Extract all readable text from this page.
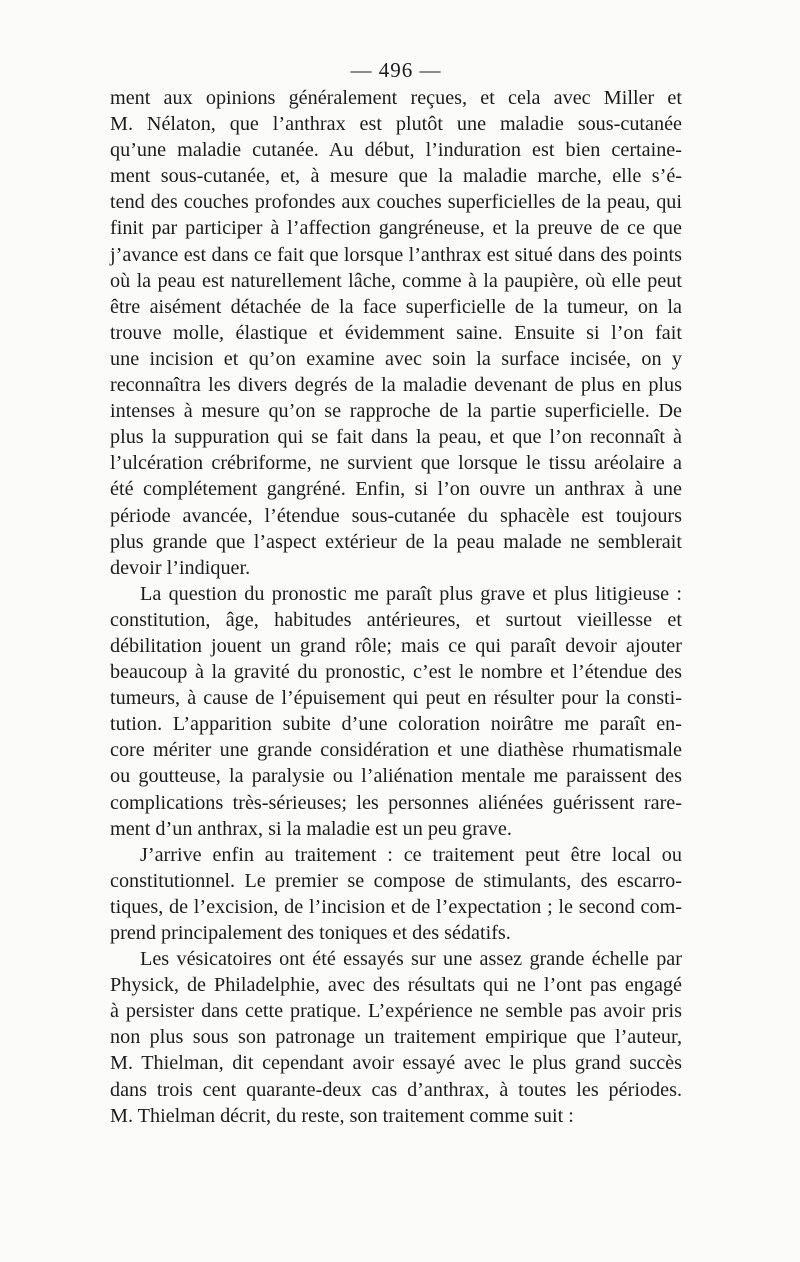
— 496 —
ment aux opinions généralement reçues, et cela avec Miller et
M. Nélaton, que l’anthrax est plutôt une maladie sous-cutanée
qu’une maladie cutanée. Au début, l’induration est bien certaine-
ment sous-cutanée, et, à mesure que la maladie marche, elle s’é-
tend des couches profondes aux couches superficielles de la peau, qui
finit par participer à l’affection gangréneuse, et la preuve de ce que
j’avance est dans ce fait que lorsque l’anthrax est situé dans des points
où la peau est naturellement lâche, comme à la paupière, où elle peut
être aisément détachée de la face superficielle de la tumeur, on la
trouve molle, élastique et évidemment saine. Ensuite si l’on fait
une incision et qu’on examine avec soin la surface incisée, on y
reconnaîtra les divers degrés de la maladie devenant de plus en plus
intenses à mesure qu’on se rapproche de la partie superficielle. De
plus la suppuration qui se fait dans la peau, et que l’on reconnaît à
l’ulcération crébriforme, ne survient que lorsque le tissu aréolaire a
été complétement gangréné. Enfin, si l’on ouvre un anthrax à une
période avancée, l’étendue sous-cutanée du sphacèle est toujours
plus grande que l’aspect extérieur de la peau malade ne semblerait
devoir l’indiquer.
La question du pronostic me paraît plus grave et plus litigieuse :
constitution, âge, habitudes antérieures, et surtout vieillesse et
débilitation jouent un grand rôle; mais ce qui paraît devoir ajouter
beaucoup à la gravité du pronostic, c’est le nombre et l’étendue des
tumeurs, à cause de l’épuisement qui peut en résulter pour la consti-
tution. L’apparition subite d’une coloration noirâtre me paraît en-
core mériter une grande considération et une diathèse rhumatismale
ou goutteuse, la paralysie ou l’aliénation mentale me paraissent des
complications très-sérieuses; les personnes aliénées guérissent rare-
ment d’un anthrax, si la maladie est un peu grave.
J’arrive enfin au traitement : ce traitement peut être local ou
constitutionnel. Le premier se compose de stimulants, des escarro-
tiques, de l’excision, de l’incision et de l’expectation ; le second com-
prend principalement des toniques et des sédatifs.
Les vésicatoires ont été essayés sur une assez grande échelle par
Physick, de Philadelphie, avec des résultats qui ne l’ont pas engagé
à persister dans cette pratique. L’expérience ne semble pas avoir pris
non plus sous son patronage un traitement empirique que l’auteur,
M. Thielman, dit cependant avoir essayé avec le plus grand succès
dans trois cent quarante-deux cas d’anthrax, à toutes les périodes.
M. Thielman décrit, du reste, son traitement comme suit :
